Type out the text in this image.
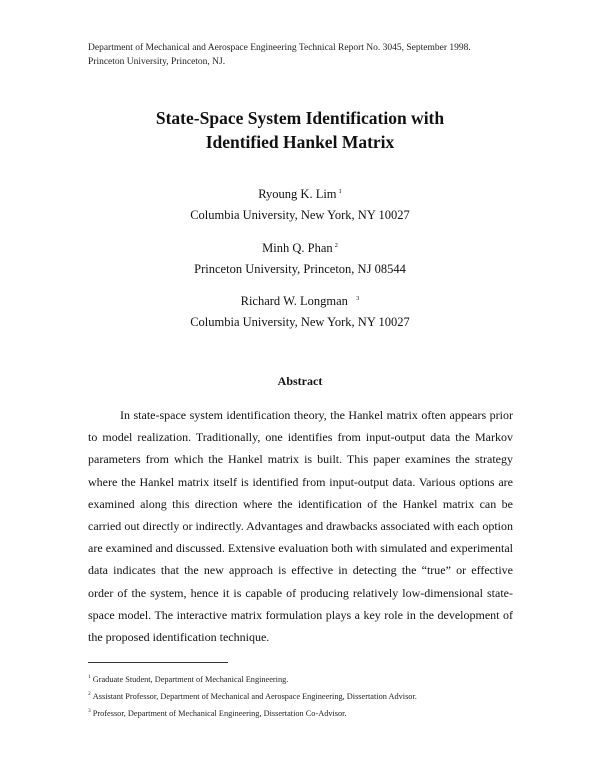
Department of Mechanical and Aerospace Engineering Technical Report No. 3045, September 1998.
Princeton University, Princeton, NJ.
State-Space System Identification with
Identified Hankel Matrix
Ryoung K. Lim $^1$
Columbia University, New York, NY 10027
Minh Q. Phan $^2$
Princeton University, Princeton, NJ 08544
Richard W. Longman $^3$
Columbia University, New York, NY 10027
Abstract

In state-space system identification theory, the Hankel matrix often appears prior to model realization. Traditionally, one identifies from input-output data the Markov parameters from which the Hankel matrix is built. This paper examines the strategy where the Hankel matrix itself is identified from input-output data. Various options are examined along this direction where the identification of the Hankel matrix can be carried out directly or indirectly. Advantages and drawbacks associated with each option are examined and discussed. Extensive evaluation both with simulated and experimental data indicates that the new approach is effective in detecting the “true” or effective order of the system, hence it is capable of producing relatively low-dimensional state-space model. The interactive matrix formulation plays a key role in the development of the proposed identification technique.

$^1$ Graduate Student, Department of Mechanical Engineering.
$^2$ Assistant Professor, Department of Mechanical and Aerospace Engineering, Dissertation Advisor.
$^3$ Professor, Department of Mechanical Engineering, Dissertation Co-Advisor.
